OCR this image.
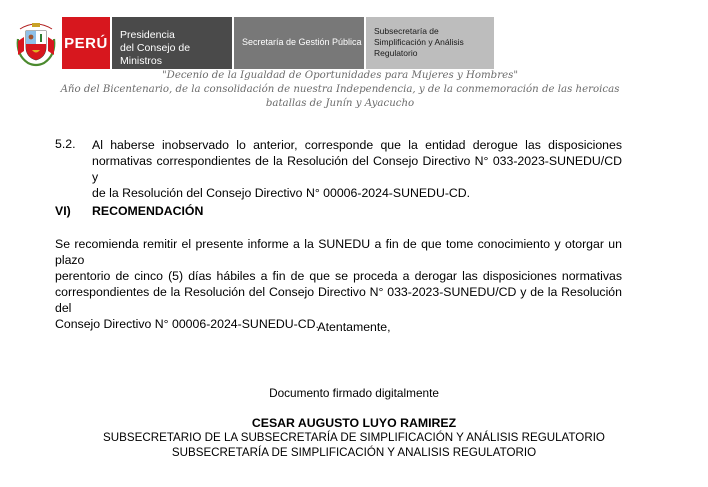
PERÚ Presidencia
del Consejo de Ministros
Secretaría de Gestión Pública
Subsecretaría de
Simplificación y Análisis
Regulatorio
"Decenio de la Igualdad de Oportunidades para Mujeres y Hombres"
Año del Bicentenario, de la consolidación de nuestra Independencia, y de la conmemoración de las heroicas
batallas de Junín y Ayacucho
5.2. Al haberse inobservado lo anterior, corresponde que la entidad derogue las disposiciones
normativas correspondientes de la Resolución del Consejo Directivo N° 033-2023-SUNEDU/CD y
de la Resolución del Consejo Directivo N° 00006-2024-SUNEDU-CD.
VI) RECOMENDACIÓN
Se recomienda remitir el presente informe a la SUNEDU a fin de que tome conocimiento y otorgar un plazo
perentorio de cinco (5) días hábiles a fin de que se proceda a derogar las disposiciones normativas
correspondientes de la Resolución del Consejo Directivo N° 033-2023-SUNEDU/CD y de la Resolución del
Consejo Directivo N° 00006-2024-SUNEDU-CD.
Atentamente,
Documento firmado digitalmente
CESAR AUGUSTO LUYO RAMIREZ
SUBSECRETARIO DE LA SUBSECRETARÍA DE SIMPLIFICACIÓN Y ANÁLISIS REGULATORIO
SUBSECRETARÍA DE SIMPLIFICACIÓN Y ANALISIS REGULATORIO
